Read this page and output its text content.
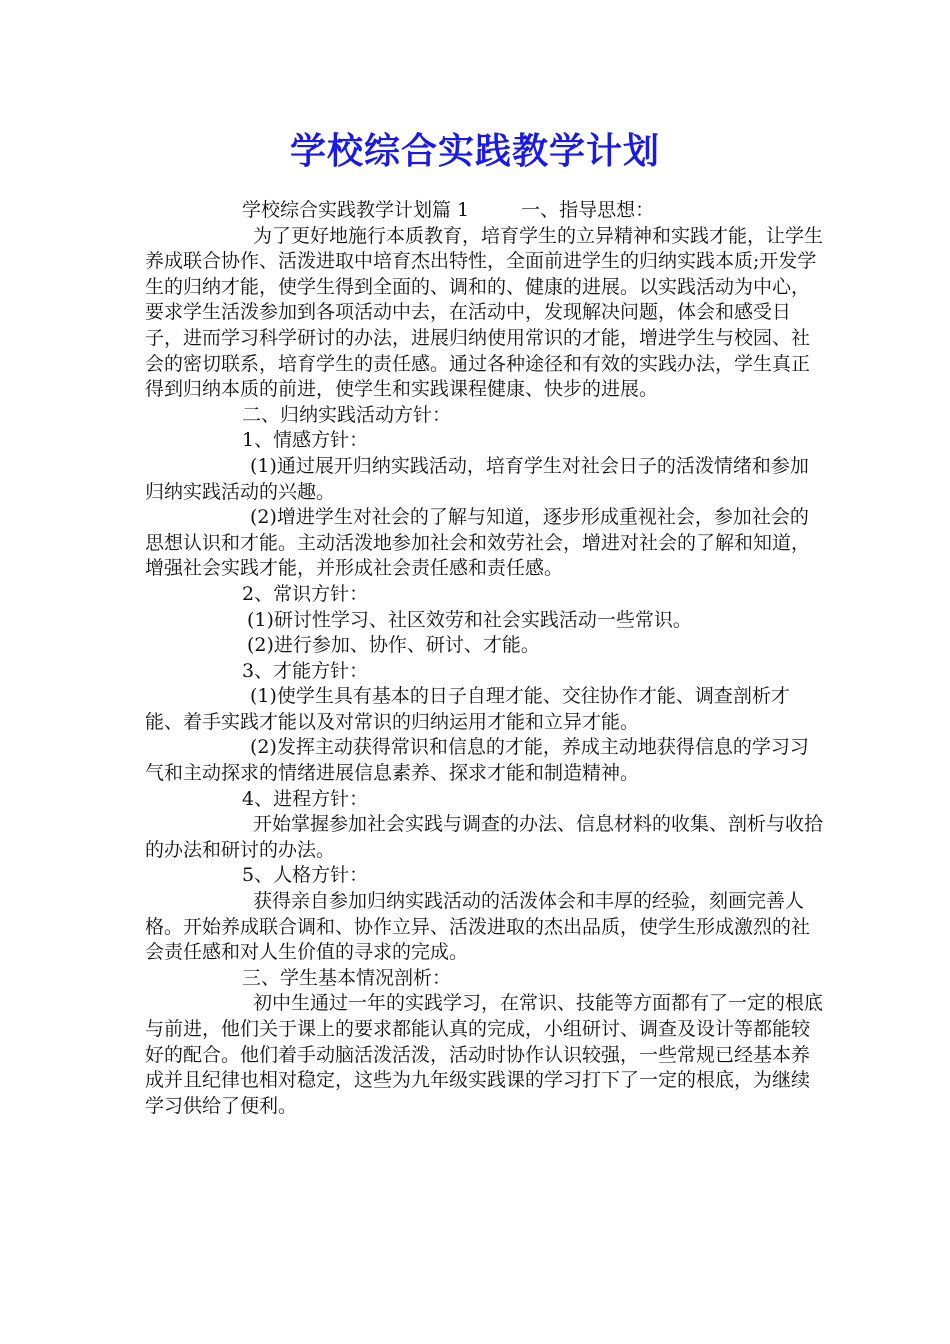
学校综合实践教学计划

学校综合实践教学计划篇 1	一、指导思想：

为了更好地施行本质教育，培育学生的立异精神和实践才能，让学生养成联合协作、活泼进取中培育杰出特性，全面前进学生的归纳实践本质;开发学生的归纳才能，使学生得到全面的、调和的、健康的进展。以实践活动为中心，要求学生活泼参加到各项活动中去，在活动中，发现解决问题，体会和感受日子，进而学习科学研讨的办法，进展归纳使用常识的才能，增进学生与校园、社会的密切联系，培育学生的责任感。通过各种途径和有效的实践办法，学生真正得到归纳本质的前进，使学生和实践课程健康、快步的进展。

二、归纳实践活动方针：

1、情感方针：

(1)通过展开归纳实践活动，培育学生对社会日子的活泼情绪和参加归纳实践活动的兴趣。

(2)增进学生对社会的了解与知道，逐步形成重视社会，参加社会的思想认识和才能。主动活泼地参加社会和效劳社会，增进对社会的了解和知道，增强社会实践才能，并形成社会责任感和责任感。

2、常识方针：

(1)研讨性学习、社区效劳和社会实践活动一些常识。

(2)进行参加、协作、研讨、才能。

3、才能方针：

(1)使学生具有基本的日子自理才能、交往协作才能、调查剖析才能、着手实践才能以及对常识的归纳运用才能和立异才能。

(2)发挥主动获得常识和信息的才能，养成主动地获得信息的学习习气和主动探求的情绪进展信息素养、探求才能和制造精神。

4、进程方针：

开始掌握参加社会实践与调查的办法、信息材料的收集、剖析与收拾的办法和研讨的办法。

5、人格方针：

获得亲自参加归纳实践活动的活泼体会和丰厚的经验，刻画完善人格。开始养成联合调和、协作立异、活泼进取的杰出品质，使学生形成激烈的社会责任感和对人生价值的寻求的完成。

三、学生基本情况剖析：

初中生通过一年的实践学习，在常识、技能等方面都有了一定的根底与前进，他们关于课上的要求都能认真的完成，小组研讨、调查及设计等都能较好的配合。他们着手动脑活泼活泼，活动时协作认识较强，一些常规已经基本养成并且纪律也相对稳定，这些为九年级实践课的学习打下了一定的根底，为继续学习供给了便利。
